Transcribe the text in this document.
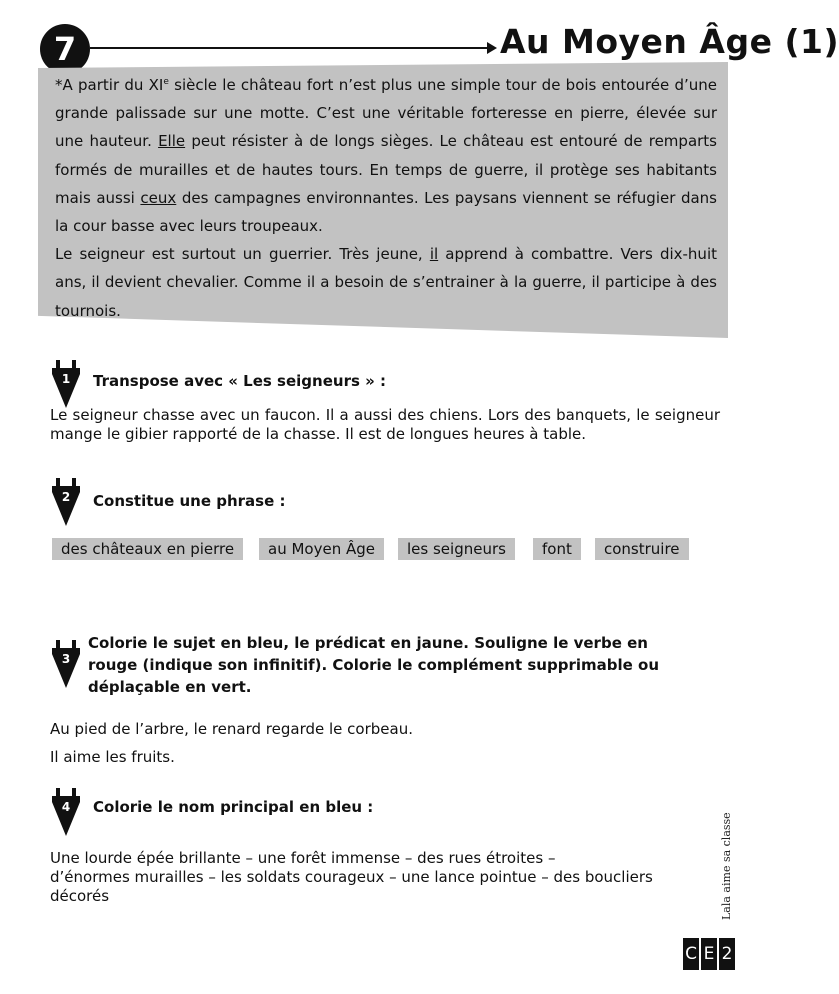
7	Au Moyen Âge (1)

*A partir du XIe siècle le château fort n’est plus une simple tour de bois entourée d’une grande palissade sur une motte. C’est une véritable forteresse en pierre, élevée sur une hauteur. Elle peut résister à de longs sièges. Le château est entouré de remparts formés de murailles et de hautes tours. En temps de guerre, il protège ses habitants mais aussi ceux des campagnes environnantes. Les paysans viennent se réfugier dans la cour basse avec leurs troupeaux.

Le seigneur est surtout un guerrier. Très jeune, il apprend à combattre. Vers dix-huit ans, il devient chevalier. Comme il a besoin de s’entrainer à la guerre, il participe à des tournois.

1	Transpose avec « Les seigneurs » :
Le seigneur chasse avec un faucon. Il a aussi des chiens. Lors des banquets, le seigneur mange le gibier rapporté de la chasse. Il est de longues heures à table.
2	Constitue une phrase :
des châteaux en pierre	au Moyen Âge	les seigneurs	font	construire
3
Colorie le sujet en bleu, le prédicat en jaune. Souligne le verbe en
rouge (indique son infinitif). Colorie le complément supprimable ou
déplaçable en vert.
Au pied de l’arbre, le renard regarde le corbeau.
Il aime les fruits.
4	Colorie le nom principal en bleu :
Une lourde épée brillante – une forêt immense – des rues étroites –
d’énormes murailles – les soldats courageux – une lance pointue – des boucliers
décorés	Lala aime sa classe
C E 2
